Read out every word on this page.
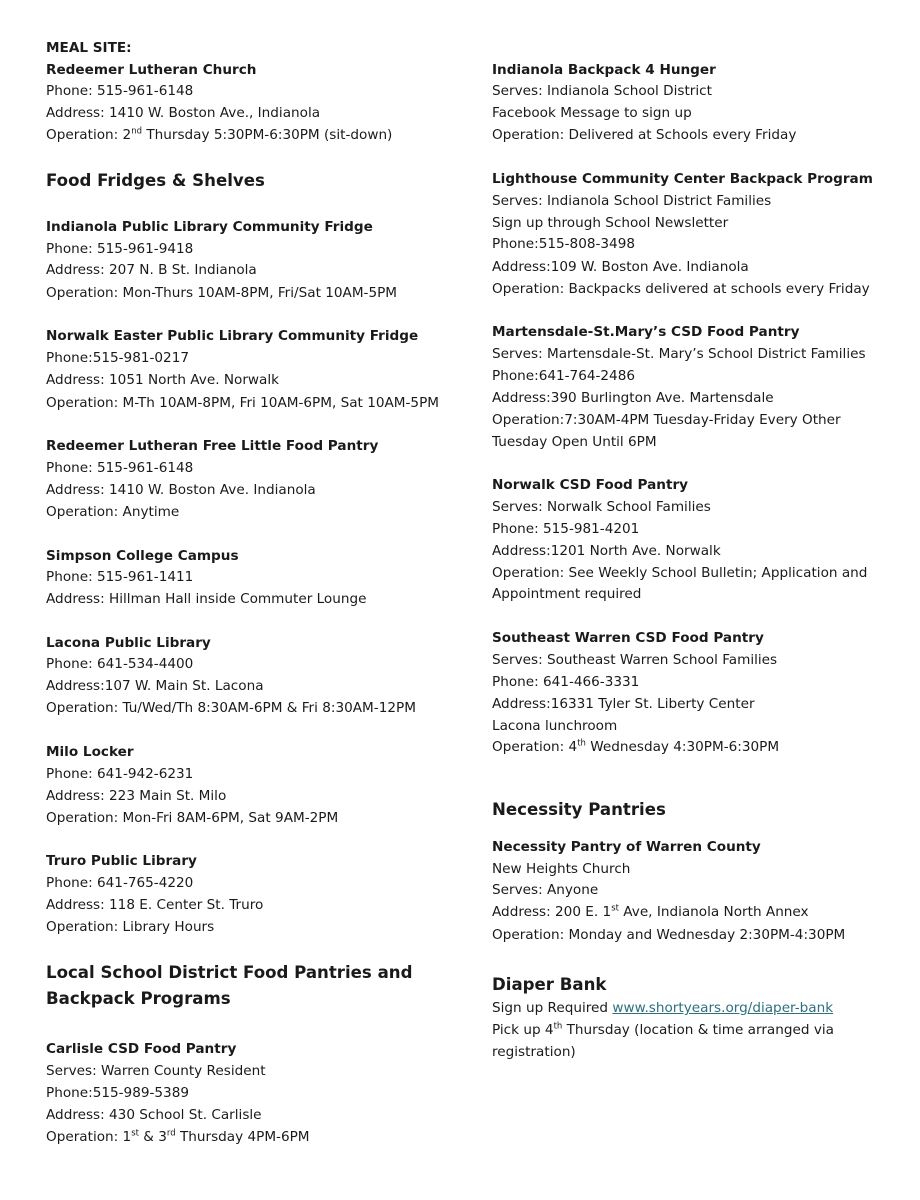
MEAL SITE:
Redeemer Lutheran Church
Phone: 515-961-6148
Address: 1410 W. Boston Ave., Indianola
Operation: 2nd Thursday 5:30PM-6:30PM (sit-down)
Food Fridges & Shelves
Indianola Public Library Community Fridge
Phone: 515-961-9418
Address: 207 N. B St. Indianola
Operation: Mon-Thurs 10AM-8PM, Fri/Sat 10AM-5PM
Norwalk Easter Public Library Community Fridge
Phone:515-981-0217
Address: 1051 North Ave. Norwalk
Operation: M-Th 10AM-8PM, Fri 10AM-6PM, Sat 10AM-5PM
Redeemer Lutheran Free Little Food Pantry
Phone: 515-961-6148
Address: 1410 W. Boston Ave. Indianola
Operation: Anytime
Simpson College Campus
Phone: 515-961-1411
Address: Hillman Hall inside Commuter Lounge
Lacona Public Library
Phone: 641-534-4400
Address:107 W. Main St. Lacona
Operation: Tu/Wed/Th 8:30AM-6PM & Fri 8:30AM-12PM
Milo Locker
Phone: 641-942-6231
Address: 223 Main St. Milo
Operation: Mon-Fri 8AM-6PM, Sat 9AM-2PM
Truro Public Library
Phone: 641-765-4220
Address: 118 E. Center St. Truro
Operation: Library Hours
Local School District Food Pantries and
Backpack Programs
Carlisle CSD Food Pantry
Serves: Warren County Resident
Phone:515-989-5389
Address: 430 School St. Carlisle
Operation: 1st & 3rd Thursday 4PM-6PM
Indianola Backpack 4 Hunger
Serves: Indianola School District
Facebook Message to sign up
Operation: Delivered at Schools every Friday
Lighthouse Community Center Backpack Program
Serves: Indianola School District Families
Sign up through School Newsletter
Phone:515-808-3498
Address:109 W. Boston Ave. Indianola
Operation: Backpacks delivered at schools every Friday
Martensdale-St.Mary’s CSD Food Pantry
Serves: Martensdale-St. Mary’s School District Families
Phone:641-764-2486
Address:390 Burlington Ave. Martensdale
Operation:7:30AM-4PM Tuesday-Friday Every Other
Tuesday Open Until 6PM
Norwalk CSD Food Pantry
Serves: Norwalk School Families
Phone: 515-981-4201
Address:1201 North Ave. Norwalk
Operation: See Weekly School Bulletin; Application and
Appointment required
Southeast Warren CSD Food Pantry
Serves: Southeast Warren School Families
Phone: 641-466-3331
Address:16331 Tyler St. Liberty Center
Lacona lunchroom
Operation: 4th Wednesday 4:30PM-6:30PM
Necessity Pantries
Necessity Pantry of Warren County
New Heights Church
Serves: Anyone
Address: 200 E. 1st Ave, Indianola North Annex
Operation: Monday and Wednesday 2:30PM-4:30PM
Diaper Bank
Sign up Required www.shortyears.org/diaper-bank
Pick up 4th Thursday (location & time arranged via
registration)
